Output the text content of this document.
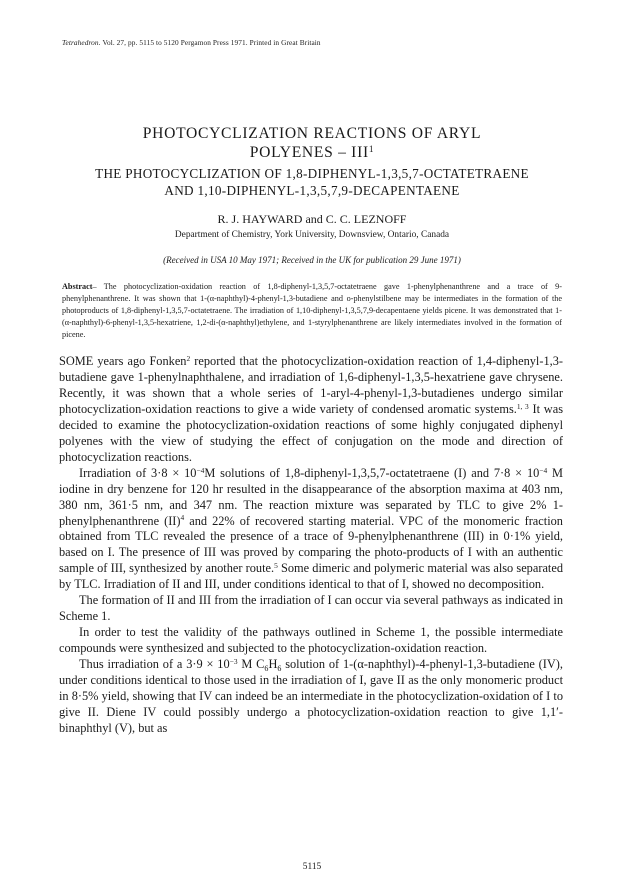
Tetrahedron. Vol. 27, pp. 5115 to 5120 Pergamon Press 1971. Printed in Great Britain
PHOTOCYCLIZATION REACTIONS OF ARYL
POLYENES – III$^1$
THE PHOTOCYCLIZATION OF 1,8-DIPHENYL-1,3,5,7-OCTATETRAENE
AND 1,10-DIPHENYL-1,3,5,7,9-DECAPENTAENE
R. J. HAYWARD and C. C. LEZNOFF
Department of Chemistry, York University, Downsview, Ontario, Canada
(Received in USA 10 May 1971; Received in the UK for publication 29 June 1971)
Abstract– The photocyclization-oxidation reaction of 1,8-diphenyl-1,3,5,7-octatetraene gave 1-phenylphenanthrene and a trace of 9-phenylphenanthrene. It was shown that 1-(α-naphthyl)-4-phenyl-1,3-butadiene and o-phenylstilbene may be intermediates in the formation of the photoproducts of 1,8-diphenyl-1,3,5,7-octatetraene. The irradiation of 1,10-diphenyl-1,3,5,7,9-decapentaene yields picene. It was demonstrated that 1-(α-naphthyl)-6-phenyl-1,3,5-hexatriene, 1,2-di-(α-naphthyl)ethylene, and 1-styrylphenanthrene are likely intermediates involved in the formation of picene.

SOME years ago Fonken$^2$ reported that the photocyclization-oxidation reaction of 1,4-diphenyl-1,3-butadiene gave 1-phenylnaphthalene, and irradiation of 1,6-diphenyl-1,3,5-hexatriene gave chrysene. Recently, it was shown that a whole series of 1-aryl-4-phenyl-1,3-butadienes undergo similar photocyclization-oxidation reactions to give a wide variety of condensed aromatic systems.$^{1, 3}$ It was decided to examine the photocyclization-oxidation reactions of some highly conjugated diphenyl polyenes with the view of studying the effect of conjugation on the mode and direction of photocyclization reactions.

Irradiation of $3\cdot 8 \times 10^{-4}M$ solutions of 1,8-diphenyl-1,3,5,7-octatetraene (I) and $7\cdot 8 \times 10^{-4}$ M iodine in dry benzene for 120 hr resulted in the disappearance of the absorption maxima at 403 nm, 380 nm, 361·5 nm, and 347 nm. The reaction mixture was separated by TLC to give 2% 1-phenylphenanthrene (II)$^4$ and 22% of recovered starting material. VPC of the monomeric fraction obtained from TLC revealed the presence of a trace of 9-phenylphenanthrene (III) in 0·1% yield, based on I. The presence of III was proved by comparing the photo-products of I with an authentic sample of III, synthesized by another route.$^5$ Some dimeric and polymeric material was also separated by TLC. Irradiation of II and III, under conditions identical to that of I, showed no decomposition.

The formation of II and III from the irradiation of I can occur via several pathways as indicated in Scheme 1.

In order to test the validity of the pathways outlined in Scheme 1, the possible intermediate compounds were synthesized and subjected to the photocyclization-oxidation reaction.

Thus irradiation of a $3\cdot 9 \times 10^{-3}$ M $C_6H_6$ solution of 1-(α-naphthyl)-4-phenyl-1,3-butadiene (IV), under conditions identical to those used in the irradiation of I, gave II as the only monomeric product in 8·5% yield, showing that IV can indeed be an intermediate in the photocyclization-oxidation of I to give II. Diene IV could possibly undergo a photocyclization-oxidation reaction to give 1,1′-binaphthyl (V), but as

5115
